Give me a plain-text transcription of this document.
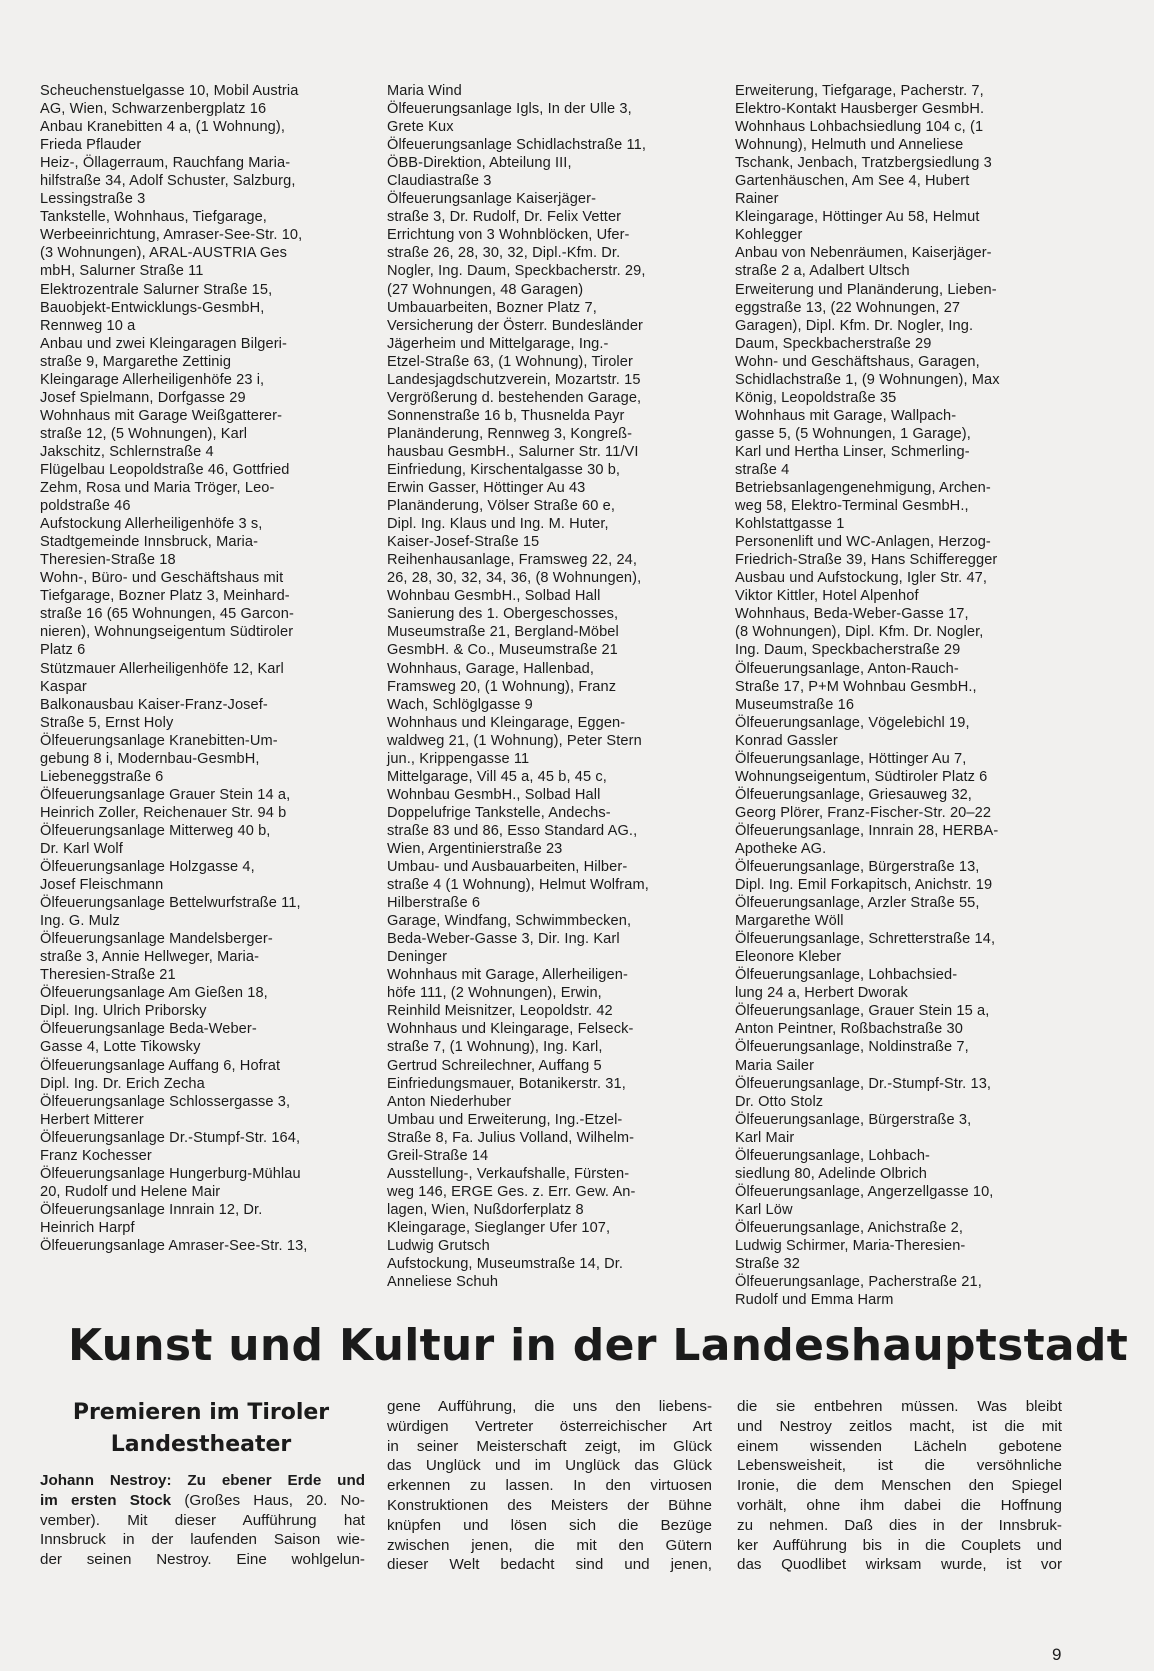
Scheuchenstuelgasse 10, Mobil Austria
AG, Wien, Schwarzenbergplatz 16
Anbau Kranebitten 4 a, (1 Wohnung),
Frieda Pflauder
Heiz-, Öllagerraum, Rauchfang Maria-
hilfstraße 34, Adolf Schuster, Salzburg,
Lessingstraße 3
Tankstelle, Wohnhaus, Tiefgarage,
Werbeeinrichtung, Amraser-See-Str. 10,
(3 Wohnungen), ARAL-AUSTRIA Ges
mbH, Salurner Straße 11
Elektrozentrale Salurner Straße 15,
Bauobjekt-Entwicklungs-GesmbH,
Rennweg 10 a
Anbau und zwei Kleingaragen Bilgeri-
straße 9, Margarethe Zettinig
Kleingarage Allerheiligenhöfe 23 i,
Josef Spielmann, Dorfgasse 29
Wohnhaus mit Garage Weißgatterer-
straße 12, (5 Wohnungen), Karl
Jakschitz, Schlernstraße 4
Flügelbau Leopoldstraße 46, Gottfried
Zehm, Rosa und Maria Tröger, Leo-
poldstraße 46
Aufstockung Allerheiligenhöfe 3 s,
Stadtgemeinde Innsbruck, Maria-
Theresien-Straße 18
Wohn-, Büro- und Geschäftshaus mit
Tiefgarage, Bozner Platz 3, Meinhard-
straße 16 (65 Wohnungen, 45 Garcon-
nieren), Wohnungseigentum Südtiroler
Platz 6
Stützmauer Allerheiligenhöfe 12, Karl
Kaspar
Balkonausbau Kaiser-Franz-Josef-
Straße 5, Ernst Holy
Ölfeuerungsanlage Kranebitten-Um-
gebung 8 i, Modernbau-GesmbH,
Liebeneggstraße 6
Ölfeuerungsanlage Grauer Stein 14 a,
Heinrich Zoller, Reichenauer Str. 94 b
Ölfeuerungsanlage Mitterweg 40 b,
Dr. Karl Wolf
Ölfeuerungsanlage Holzgasse 4,
Josef Fleischmann
Ölfeuerungsanlage Bettelwurfstraße 11,
Ing. G. Mulz
Ölfeuerungsanlage Mandelsberger-
straße 3, Annie Hellweger, Maria-
Theresien-Straße 21
Ölfeuerungsanlage Am Gießen 18,
Dipl. Ing. Ulrich Priborsky
Ölfeuerungsanlage Beda-Weber-
Gasse 4, Lotte Tikowsky
Ölfeuerungsanlage Auffang 6, Hofrat
Dipl. Ing. Dr. Erich Zecha
Ölfeuerungsanlage Schlossergasse 3,
Herbert Mitterer
Ölfeuerungsanlage Dr.-Stumpf-Str. 164,
Franz Kochesser
Ölfeuerungsanlage Hungerburg-Mühlau
20, Rudolf und Helene Mair
Ölfeuerungsanlage Innrain 12, Dr.
Heinrich Harpf
Ölfeuerungsanlage Amraser-See-Str. 13,
Maria Wind
Ölfeuerungsanlage Igls, In der Ulle 3,
Grete Kux
Ölfeuerungsanlage Schidlachstraße 11,
ÖBB-Direktion, Abteilung III,
Claudiastraße 3
Ölfeuerungsanlage Kaiserjäger-
straße 3, Dr. Rudolf, Dr. Felix Vetter
Errichtung von 3 Wohnblöcken, Ufer-
straße 26, 28, 30, 32, Dipl.-Kfm. Dr.
Nogler, Ing. Daum, Speckbacherstr. 29,
(27 Wohnungen, 48 Garagen)
Umbauarbeiten, Bozner Platz 7,
Versicherung der Österr. Bundesländer
Jägerheim und Mittelgarage, Ing.-
Etzel-Straße 63, (1 Wohnung), Tiroler
Landesjagdschutzverein, Mozartstr. 15
Vergrößerung d. bestehenden Garage,
Sonnenstraße 16 b, Thusnelda Payr
Planänderung, Rennweg 3, Kongreß-
hausbau GesmbH., Salurner Str. 11/VI
Einfriedung, Kirschentalgasse 30 b,
Erwin Gasser, Höttinger Au 43
Planänderung, Völser Straße 60 e,
Dipl. Ing. Klaus und Ing. M. Huter,
Kaiser-Josef-Straße 15
Reihenhausanlage, Framsweg 22, 24,
26, 28, 30, 32, 34, 36, (8 Wohnungen),
Wohnbau GesmbH., Solbad Hall
Sanierung des 1. Obergeschosses,
Museumstraße 21, Bergland-Möbel
GesmbH. & Co., Museumstraße 21
Wohnhaus, Garage, Hallenbad,
Framsweg 20, (1 Wohnung), Franz
Wach, Schlöglgasse 9
Wohnhaus und Kleingarage, Eggen-
waldweg 21, (1 Wohnung), Peter Stern
jun., Krippengasse 11
Mittelgarage, Vill 45 a, 45 b, 45 c,
Wohnbau GesmbH., Solbad Hall
Doppelufrige Tankstelle, Andechs-
straße 83 und 86, Esso Standard AG.,
Wien, Argentinierstraße 23
Umbau- und Ausbauarbeiten, Hilber-
straße 4 (1 Wohnung), Helmut Wolfram,
Hilberstraße 6
Garage, Windfang, Schwimmbecken,
Beda-Weber-Gasse 3, Dir. Ing. Karl
Deninger
Wohnhaus mit Garage, Allerheiligen-
höfe 111, (2 Wohnungen), Erwin,
Reinhild Meisnitzer, Leopoldstr. 42
Wohnhaus und Kleingarage, Felseck-
straße 7, (1 Wohnung), Ing. Karl,
Gertrud Schreilechner, Auffang 5
Einfriedungsmauer, Botanikerstr. 31,
Anton Niederhuber
Umbau und Erweiterung, Ing.-Etzel-
Straße 8, Fa. Julius Volland, Wilhelm-
Greil-Straße 14
Ausstellung-, Verkaufshalle, Fürsten-
weg 146, ERGE Ges. z. Err. Gew. An-
lagen, Wien, Nußdorferplatz 8
Kleingarage, Sieglanger Ufer 107,
Ludwig Grutsch
Aufstockung, Museumstraße 14, Dr.
Anneliese Schuh
Erweiterung, Tiefgarage, Pacherstr. 7,
Elektro-Kontakt Hausberger GesmbH.
Wohnhaus Lohbachsiedlung 104 c, (1
Wohnung), Helmuth und Anneliese
Tschank, Jenbach, Tratzbergsiedlung 3
Gartenhäuschen, Am See 4, Hubert
Rainer
Kleingarage, Höttinger Au 58, Helmut
Kohlegger
Anbau von Nebenräumen, Kaiserjäger-
straße 2 a, Adalbert Ultsch
Erweiterung und Planänderung, Lieben-
eggstraße 13, (22 Wohnungen, 27
Garagen), Dipl. Kfm. Dr. Nogler, Ing.
Daum, Speckbacherstraße 29
Wohn- und Geschäftshaus, Garagen,
Schidlachstraße 1, (9 Wohnungen), Max
König, Leopoldstraße 35
Wohnhaus mit Garage, Wallpach-
gasse 5, (5 Wohnungen, 1 Garage),
Karl und Hertha Linser, Schmerling-
straße 4
Betriebsanlagengenehmigung, Archen-
weg 58, Elektro-Terminal GesmbH.,
Kohlstattgasse 1
Personenlift und WC-Anlagen, Herzog-
Friedrich-Straße 39, Hans Schifferegger
Ausbau und Aufstockung, Igler Str. 47,
Viktor Kittler, Hotel Alpenhof
Wohnhaus, Beda-Weber-Gasse 17,
(8 Wohnungen), Dipl. Kfm. Dr. Nogler,
Ing. Daum, Speckbacherstraße 29
Ölfeuerungsanlage, Anton-Rauch-
Straße 17, P+M Wohnbau GesmbH.,
Museumstraße 16
Ölfeuerungsanlage, Vögelebichl 19,
Konrad Gassler
Ölfeuerungsanlage, Höttinger Au 7,
Wohnungseigentum, Südtiroler Platz 6
Ölfeuerungsanlage, Griesauweg 32,
Georg Plörer, Franz-Fischer-Str. 20–22
Ölfeuerungsanlage, Innrain 28, HERBA-
Apotheke AG.
Ölfeuerungsanlage, Bürgerstraße 13,
Dipl. Ing. Emil Forkapitsch, Anichstr. 19
Ölfeuerungsanlage, Arzler Straße 55,
Margarethe Wöll
Ölfeuerungsanlage, Schretterstraße 14,
Eleonore Kleber
Ölfeuerungsanlage, Lohbachsied-
lung 24 a, Herbert Dworak
Ölfeuerungsanlage, Grauer Stein 15 a,
Anton Peintner, Roßbachstraße 30
Ölfeuerungsanlage, Noldinstraße 7,
Maria Sailer
Ölfeuerungsanlage, Dr.-Stumpf-Str. 13,
Dr. Otto Stolz
Ölfeuerungsanlage, Bürgerstraße 3,
Karl Mair
Ölfeuerungsanlage, Lohbach-
siedlung 80, Adelinde Olbrich
Ölfeuerungsanlage, Angerzellgasse 10,
Karl Löw
Ölfeuerungsanlage, Anichstraße 2,
Ludwig Schirmer, Maria-Theresien-
Straße 32
Ölfeuerungsanlage, Pacherstraße 21,
Rudolf und Emma Harm
Kunst und Kultur in der Landeshauptstadt
Premieren im Tiroler
Landestheater
Johann Nestroy: Zu ebener Erde und
im ersten Stock (Großes Haus, 20. No-
vember). Mit dieser Aufführung hat
Innsbruck in der laufenden Saison wie-
der seinen Nestroy. Eine wohlgelun-
gene Aufführung, die uns den liebens-
würdigen Vertreter österreichischer Art
in seiner Meisterschaft zeigt, im Glück
das Unglück und im Unglück das Glück
erkennen zu lassen. In den virtuosen
Konstruktionen des Meisters der Bühne
knüpfen und lösen sich die Bezüge
zwischen jenen, die mit den Gütern
dieser Welt bedacht sind und jenen,
die sie entbehren müssen. Was bleibt
und Nestroy zeitlos macht, ist die mit
einem wissenden Lächeln gebotene
Lebensweisheit, ist die versöhnliche
Ironie, die dem Menschen den Spiegel
vorhält, ohne ihm dabei die Hoffnung
zu nehmen. Daß dies in der Innsbruk-
ker Aufführung bis in die Couplets und
das Quodlibet wirksam wurde, ist vor
9
